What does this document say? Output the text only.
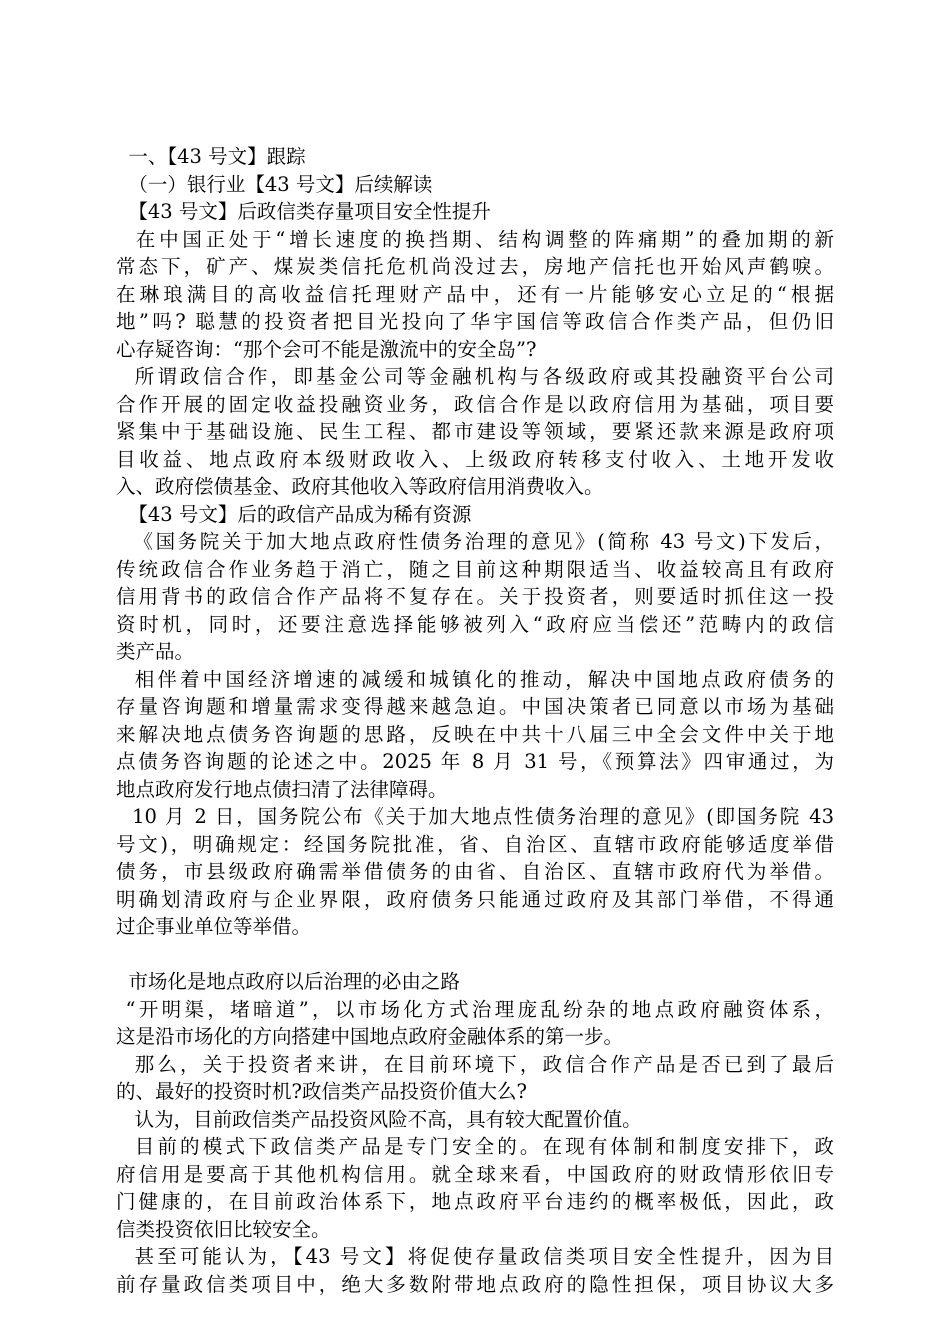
一、【43 号文】跟踪
（一）银行业【43 号文】后续解读
【43 号文】后政信类存量项目安全性提升
在中国正处于“增长速度的换挡期、结构调整的阵痛期”的叠加期的新
常态下，矿产、煤炭类信托危机尚没过去，房地产信托也开始风声鹤唳。
在琳琅满目的高收益信托理财产品中，还有一片能够安心立足的“根据
地”吗? 聪慧的投资者把目光投向了华宇国信等政信合作类产品，但仍旧
心存疑咨询：“那个会可不能是激流中的安全岛”?
所谓政信合作，即基金公司等金融机构与各级政府或其投融资平台公司
合作开展的固定收益投融资业务，政信合作是以政府信用为基础，项目要
紧集中于基础设施、民生工程、都市建设等领域，要紧还款来源是政府项
目收益、地点政府本级财政收入、上级政府转移支付收入、土地开发收
入、政府偿债基金、政府其他收入等政府信用消费收入。
【43 号文】后的政信产品成为稀有资源
《国务院关于加大地点政府性债务治理的意见》(简称 43 号文)下发后，
传统政信合作业务趋于消亡，随之目前这种期限适当、收益较高且有政府
信用背书的政信合作产品将不复存在。关于投资者，则要适时抓住这一投
资时机，同时，还要注意选择能够被列入“政府应当偿还”范畴内的政信
类产品。
相伴着中国经济增速的减缓和城镇化的推动，解决中国地点政府债务的
存量咨询题和增量需求变得越来越急迫。中国决策者已同意以市场为基础
来解决地点债务咨询题的思路，反映在中共十八届三中全会文件中关于地
点债务咨询题的论述之中。2025 年 8 月 31 号，《预算法》四审通过，为
地点政府发行地点债扫清了法律障碍。
10 月 2 日，国务院公布《关于加大地点性债务治理的意见》(即国务院 43
号文)，明确规定：经国务院批准，省、自治区、直辖市政府能够适度举借
债务，市县级政府确需举借债务的由省、自治区、直辖市政府代为举借。
明确划清政府与企业界限，政府债务只能通过政府及其部门举借，不得通
过企事业单位等举借。
市场化是地点政府以后治理的必由之路
“开明渠，堵暗道”，以市场化方式治理庞乱纷杂的地点政府融资体系，
这是沿市场化的方向搭建中国地点政府金融体系的第一步。
那么，关于投资者来讲，在目前环境下，政信合作产品是否已到了最后
的、最好的投资时机?政信类产品投资价值大么?
认为，目前政信类产品投资风险不高，具有较大配置价值。
目前的模式下政信类产品是专门安全的。在现有体制和制度安排下，政
府信用是要高于其他机构信用。就全球来看，中国政府的财政情形依旧专
门健康的，在目前政治体系下，地点政府平台违约的概率极低，因此，政
信类投资依旧比较安全。
甚至可能认为，【43 号文】将促使存量政信类项目安全性提升，因为目
前存量政信类项目中，绝大多数附带地点政府的隐性担保，项目协议大多
